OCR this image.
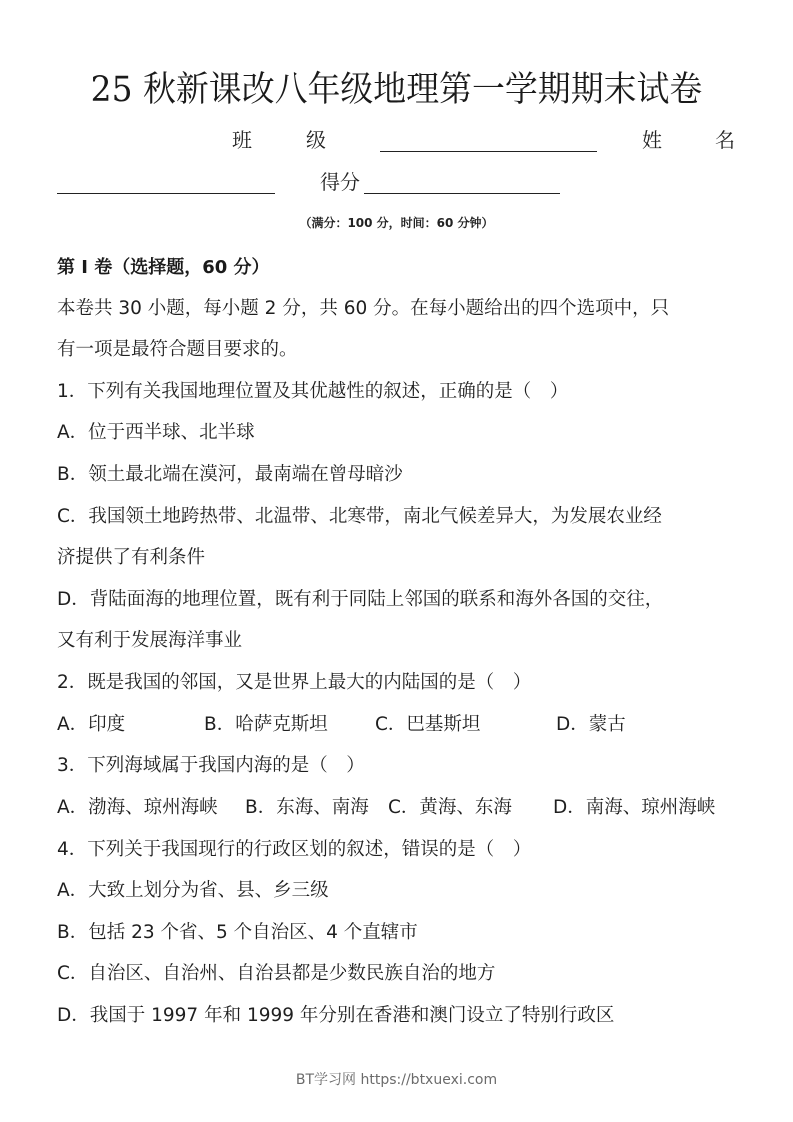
25 秋新课改八年级地理第一学期期末试卷
班	级	姓	名
得分
（满分：100 分，时间：60 分钟）
第 I 卷（选择题，60 分）
本卷共 30 小题，每小题 2 分，共 60 分。在每小题给出的四个选项中，只
有一项是最符合题目要求的。
1．下列有关我国地理位置及其优越性的叙述，正确的是（　）
A．位于西半球、北半球
B．领土最北端在漠河，最南端在曾母暗沙
C．我国领土地跨热带、北温带、北寒带，南北气候差异大，为发展农业经
济提供了有利条件
D．背陆面海的地理位置，既有利于同陆上邻国的联系和海外各国的交往，
又有利于发展海洋事业
2．既是我国的邻国，又是世界上最大的内陆国的是（　）
A．印度	B．哈萨克斯坦	C．巴基斯坦	D．蒙古
3．下列海域属于我国内海的是（　）
A．渤海、琼州海峡 B．东海、南海 C．黄海、东海 D．南海、琼州海峡
4．下列关于我国现行的行政区划的叙述，错误的是（　）
A．大致上划分为省、县、乡三级
B．包括 23 个省、5 个自治区、4 个直辖市
C．自治区、自治州、自治县都是少数民族自治的地方
D．我国于 1997 年和 1999 年分别在香港和澳门设立了特别行政区
BT学习网 https://btxuexi.com
